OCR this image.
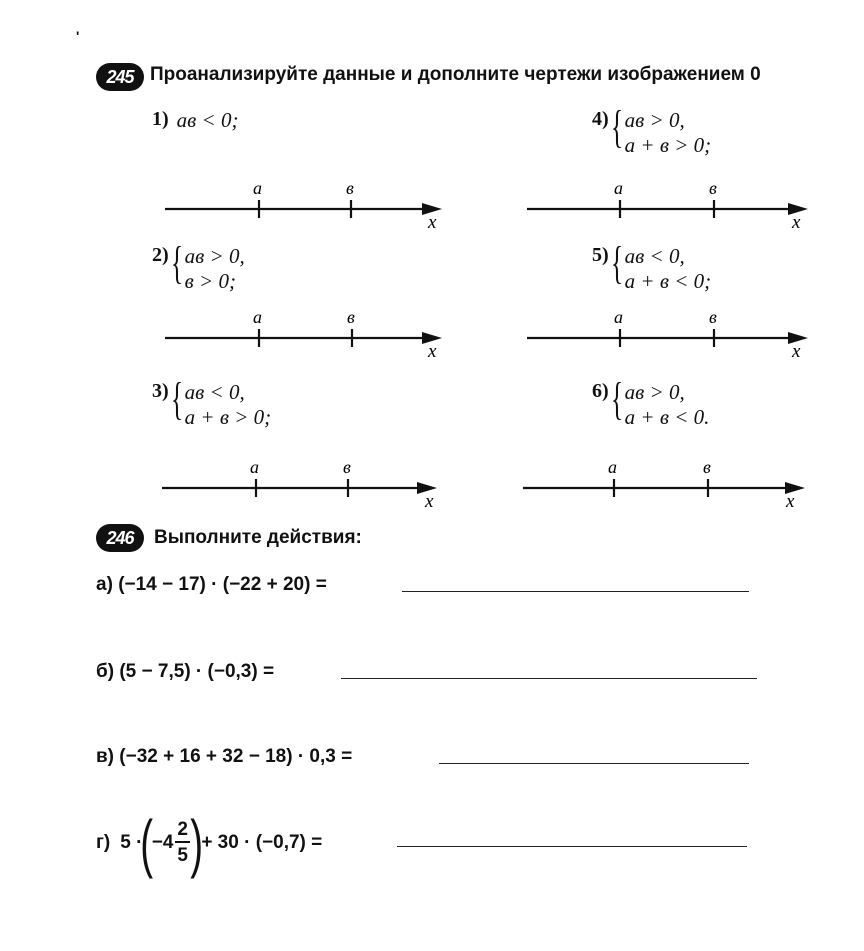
'
245 Проанализируйте данные и дополните чертежи изображением 0
1) ав < 0;	4) { ав > 0,
а + в > 0;
а	в
x
а	в
x
2) { ав > 0,
в > 0;
5) { ав < 0,
а + в < 0;
а	в
x
а	в
x
3) { ав < 0,
а + в > 0;
6) { ав > 0,
а + в < 0.
а	в
x
а	в
x
246 Выполните действия:
а) (−14 − 17) · (−22 + 20) =
б) (5 − 7,5) · (−0,3) =
в) (−32 + 16 + 32 − 18) · 0,3 =
г) 5 ·
(
$-4 \frac{2}{5}$ )
+ 30 · (−0,7) =
